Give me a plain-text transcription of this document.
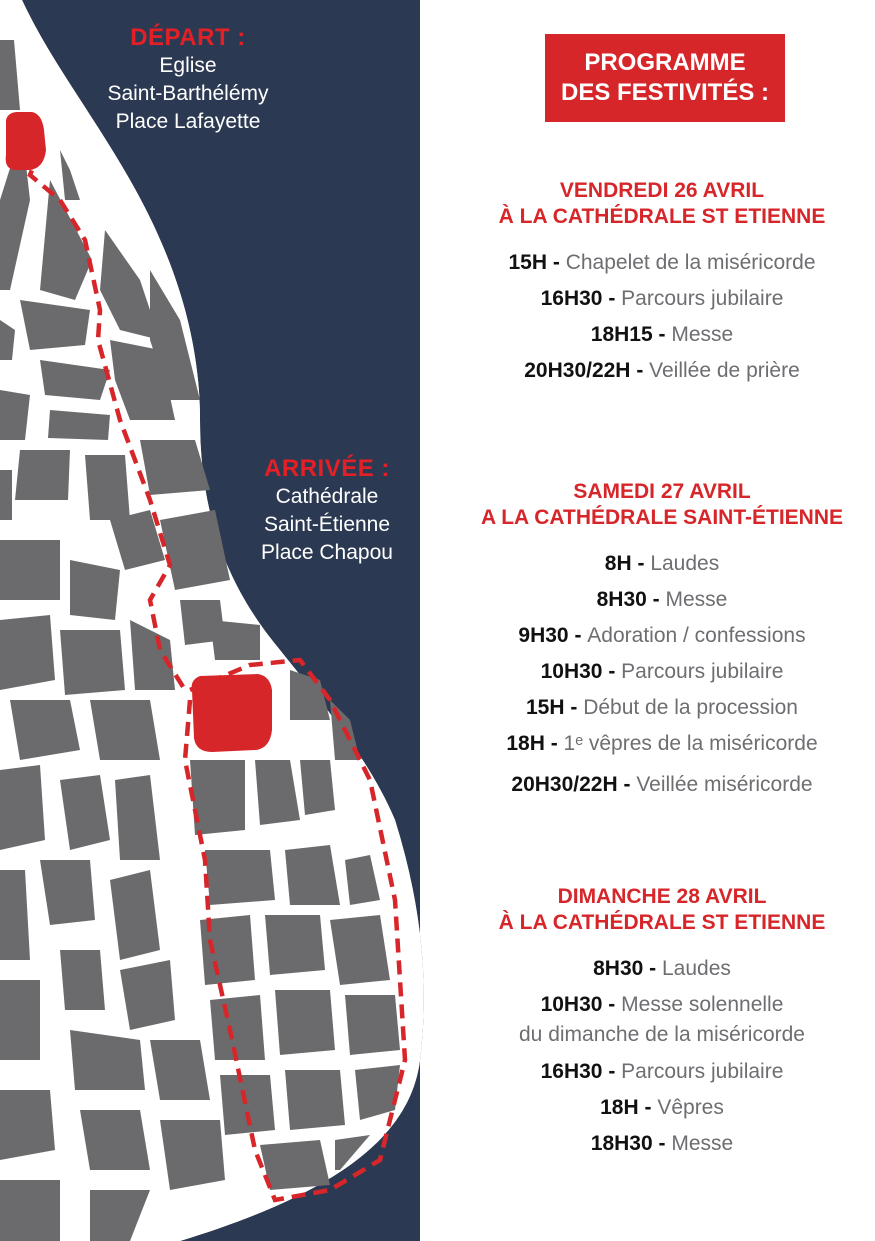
DÉPART :
Eglise
Saint-Barthélémy
Place Lafayette
ARRIVÉE :
Cathédrale
Saint-Étienne
Place Chapou
PROGRAMME
DES FESTIVITÉS :
VENDREDI 26 AVRIL
À LA CATHÉDRALE ST ETIENNE
15H - Chapelet de la miséricorde
16H30 - Parcours jubilaire
18H15 - Messe
20H30/22H - Veillée de prière
SAMEDI 27 AVRIL
A LA CATHÉDRALE SAINT-ÉTIENNE
8H - Laudes
8H30 - Messe
9H30 - Adoration / confessions
10H30 - Parcours jubilaire
15H - Début de la procession
18H - 1ᵉ vêpres de la miséricorde
20H30/22H - Veillée miséricorde
DIMANCHE 28 AVRIL
À LA CATHÉDRALE ST ETIENNE
8H30 - Laudes
10H30 - Messe solennelle
du dimanche de la miséricorde
16H30 - Parcours jubilaire
18H - Vêpres
18H30 - Messe
